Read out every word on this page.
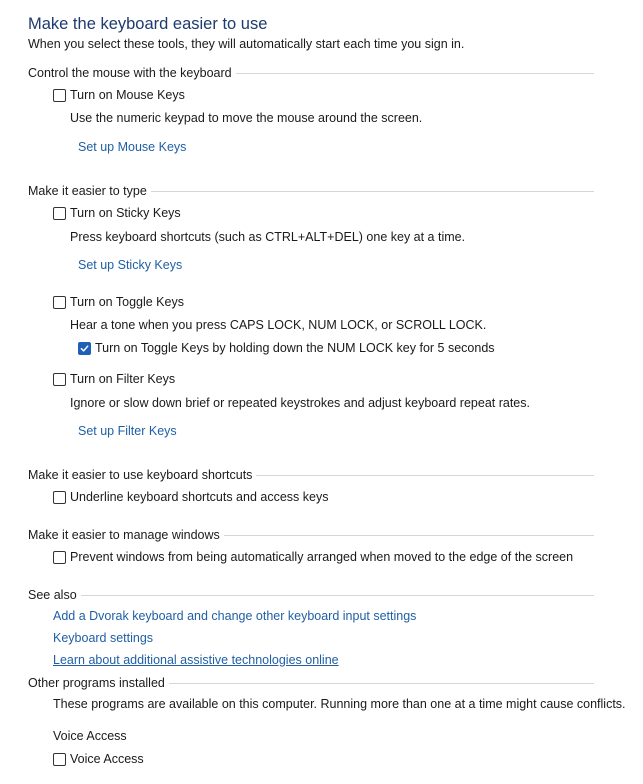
Make the keyboard easier to use
When you select these tools, they will automatically start each time you sign in.
Control the mouse with the keyboard
Turn on Mouse Keys
Use the numeric keypad to move the mouse around the screen.
Set up Mouse Keys
Make it easier to type
Turn on Sticky Keys
Press keyboard shortcuts (such as CTRL+ALT+DEL) one key at a time.
Set up Sticky Keys
Turn on Toggle Keys
Hear a tone when you press CAPS LOCK, NUM LOCK, or SCROLL LOCK.
Turn on Toggle Keys by holding down the NUM LOCK key for 5 seconds
Turn on Filter Keys
Ignore or slow down brief or repeated keystrokes and adjust keyboard repeat rates.
Set up Filter Keys
Make it easier to use keyboard shortcuts
Underline keyboard shortcuts and access keys
Make it easier to manage windows
Prevent windows from being automatically arranged when moved to the edge of the screen
See also
Add a Dvorak keyboard and change other keyboard input settings
Keyboard settings
Learn about additional assistive technologies online
Other programs installed
These programs are available on this computer. Running more than one at a time might cause conflicts.
Voice Access
Voice Access
